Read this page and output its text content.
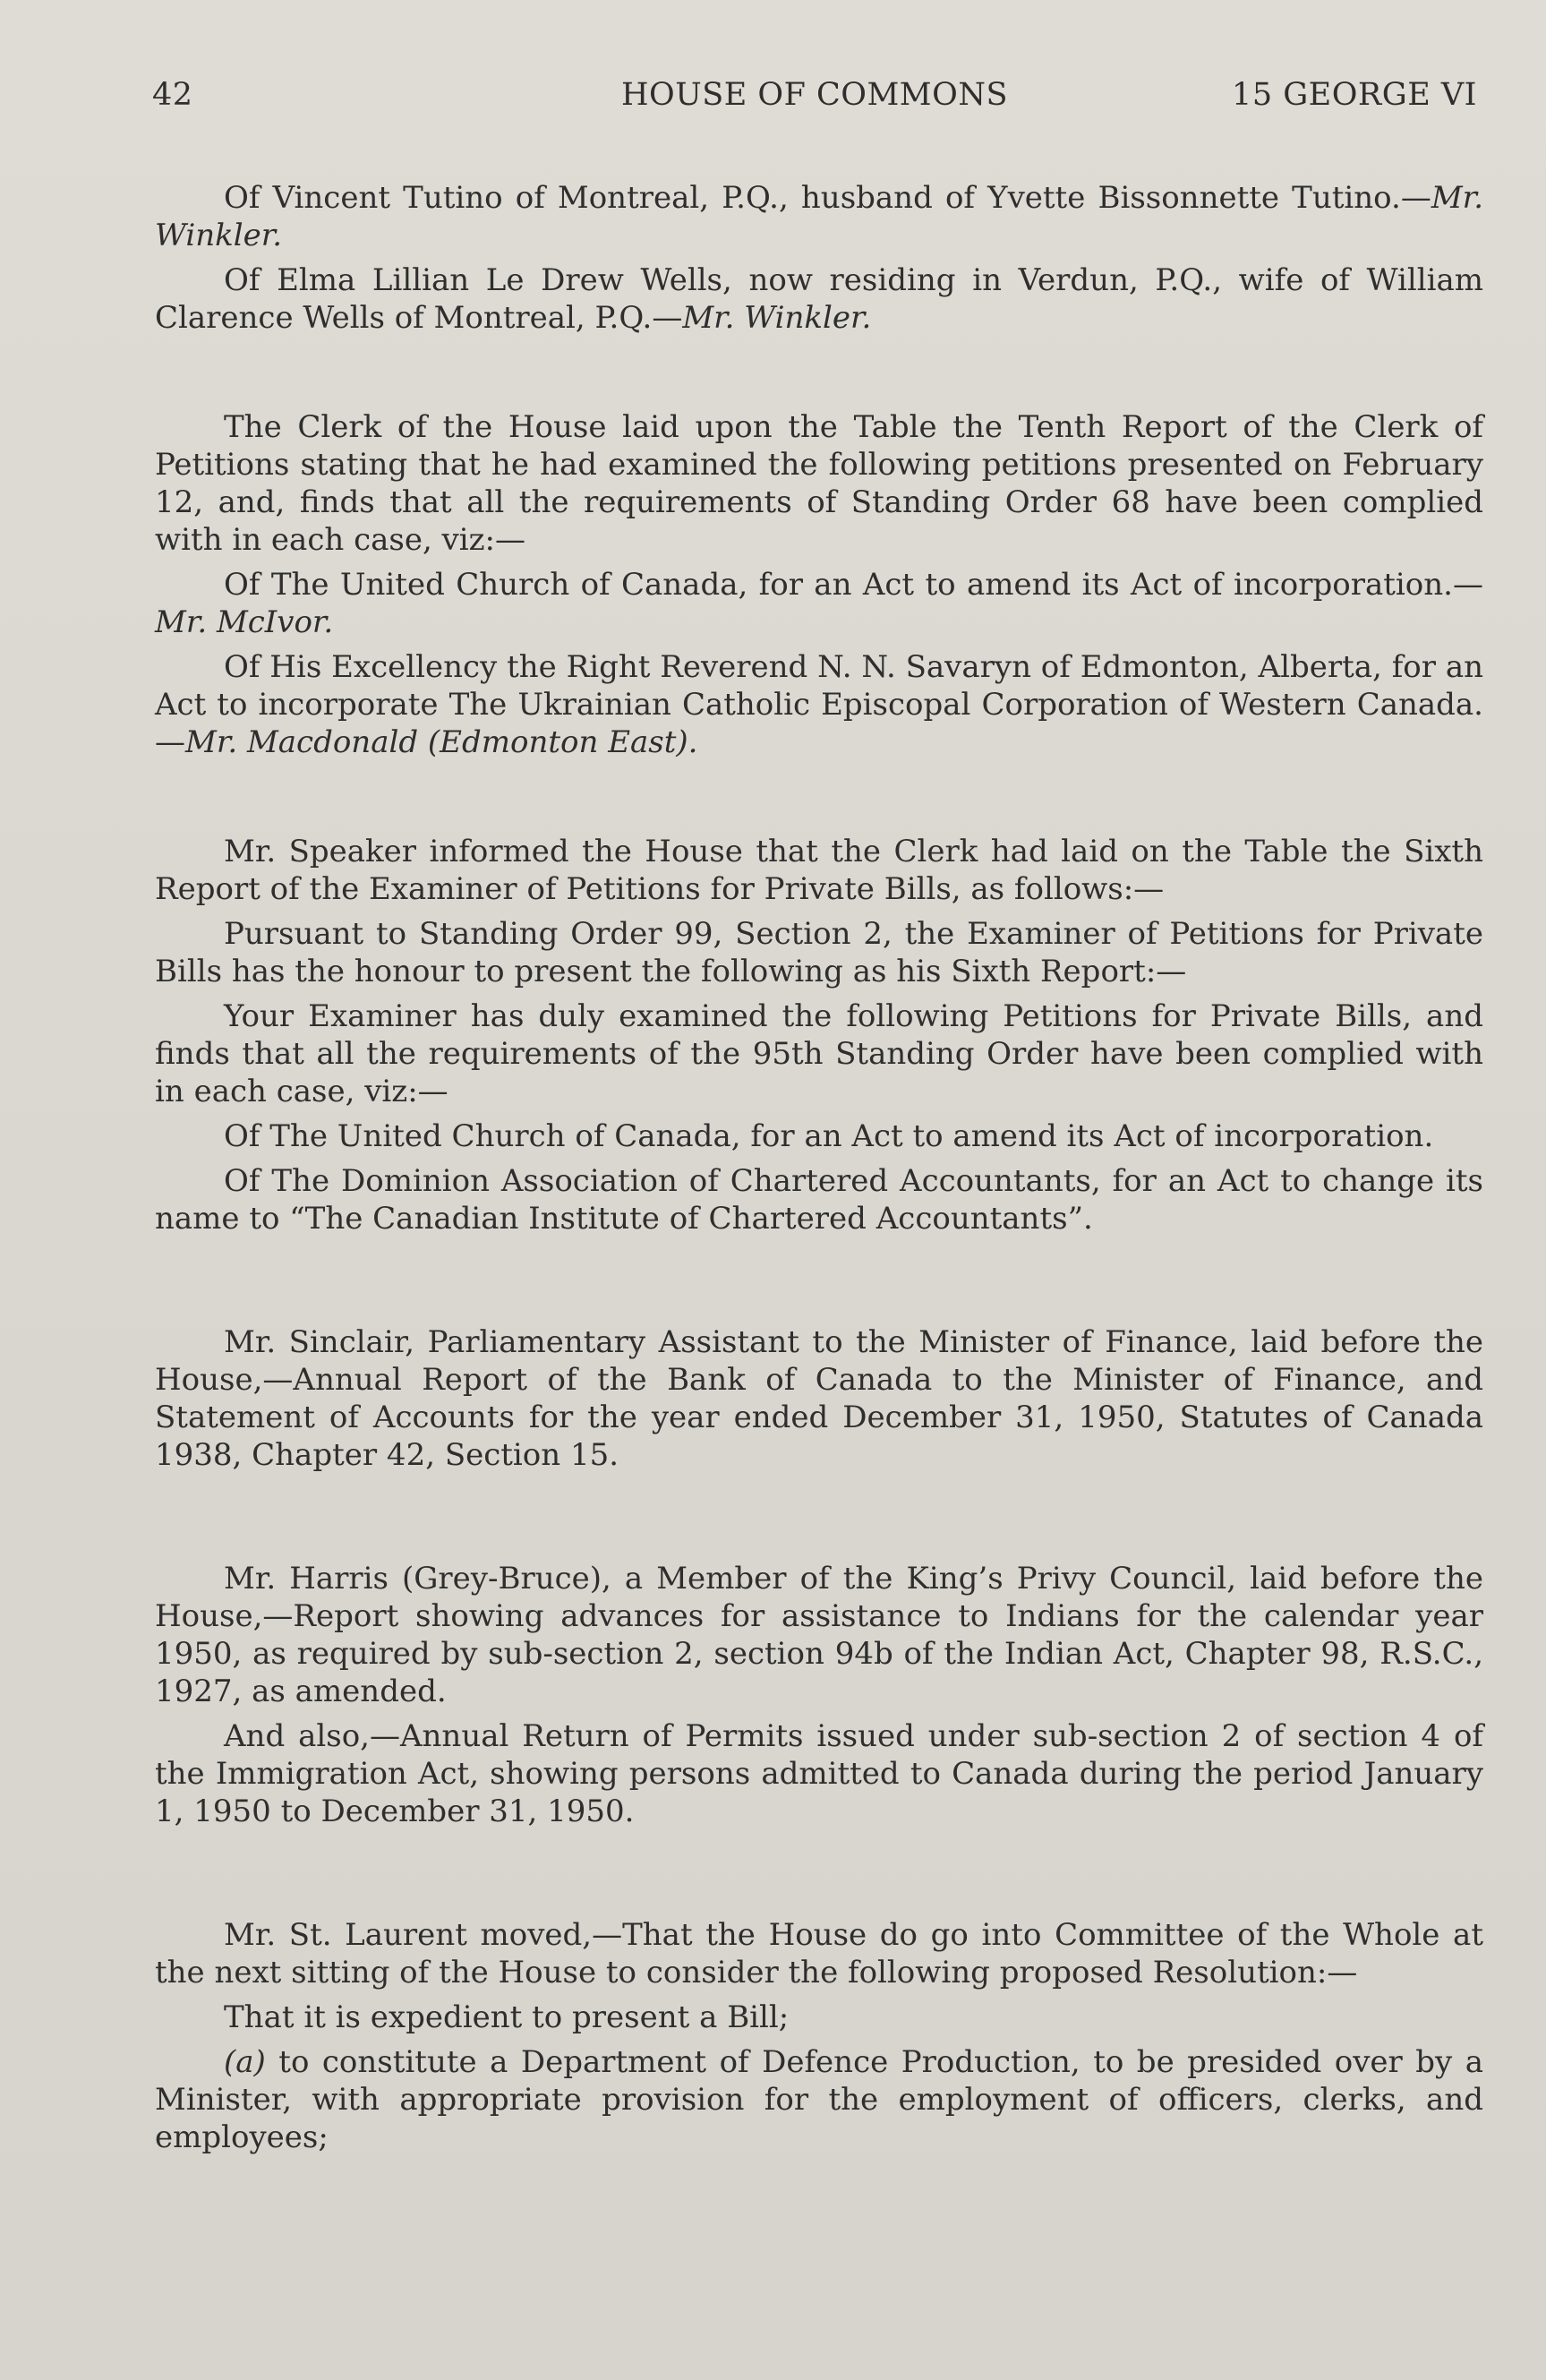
42	HOUSE OF COMMONS	15 GEORGE VI

Of Vincent Tutino of Montreal, P.Q., husband of Yvette Bissonnette Tutino.—Mr. Winkler.

Of Elma Lillian Le Drew Wells, now residing in Verdun, P.Q., wife of William Clarence Wells of Montreal, P.Q.—Mr. Winkler.

The Clerk of the House laid upon the Table the Tenth Report of the Clerk of Petitions stating that he had examined the following petitions presented on February 12, and, finds that all the requirements of Standing Order 68 have been complied with in each case, viz:—

Of The United Church of Canada, for an Act to amend its Act of incorporation.—Mr. McIvor.

Of His Excellency the Right Reverend N. N. Savaryn of Edmonton, Alberta, for an Act to incorporate The Ukrainian Catholic Episcopal Corporation of Western Canada.—Mr. Macdonald (Edmonton East).

Mr. Speaker informed the House that the Clerk had laid on the Table the Sixth Report of the Examiner of Petitions for Private Bills, as follows:—

Pursuant to Standing Order 99, Section 2, the Examiner of Petitions for Private Bills has the honour to present the following as his Sixth Report:—

Your Examiner has duly examined the following Petitions for Private Bills, and finds that all the requirements of the 95th Standing Order have been complied with in each case, viz:—

Of The United Church of Canada, for an Act to amend its Act of incorporation.

Of The Dominion Association of Chartered Accountants, for an Act to change its name to “The Canadian Institute of Chartered Accountants”.

Mr. Sinclair, Parliamentary Assistant to the Minister of Finance, laid before the House,—Annual Report of the Bank of Canada to the Minister of Finance, and Statement of Accounts for the year ended December 31, 1950, Statutes of Canada 1938, Chapter 42, Section 15.

Mr. Harris (Grey-Bruce), a Member of the King’s Privy Council, laid before the House,—Report showing advances for assistance to Indians for the calendar year 1950, as required by sub-section 2, section 94b of the Indian Act, Chapter 98, R.S.C., 1927, as amended.

And also,—Annual Return of Permits issued under sub-section 2 of section 4 of the Immigration Act, showing persons admitted to Canada during the period January 1, 1950 to December 31, 1950.

Mr. St. Laurent moved,—That the House do go into Committee of the Whole at the next sitting of the House to consider the following proposed Resolution:—

That it is expedient to present a Bill;

(a) to constitute a Department of Defence Production, to be presided over by a Minister, with appropriate provision for the employment of officers, clerks, and employees;
